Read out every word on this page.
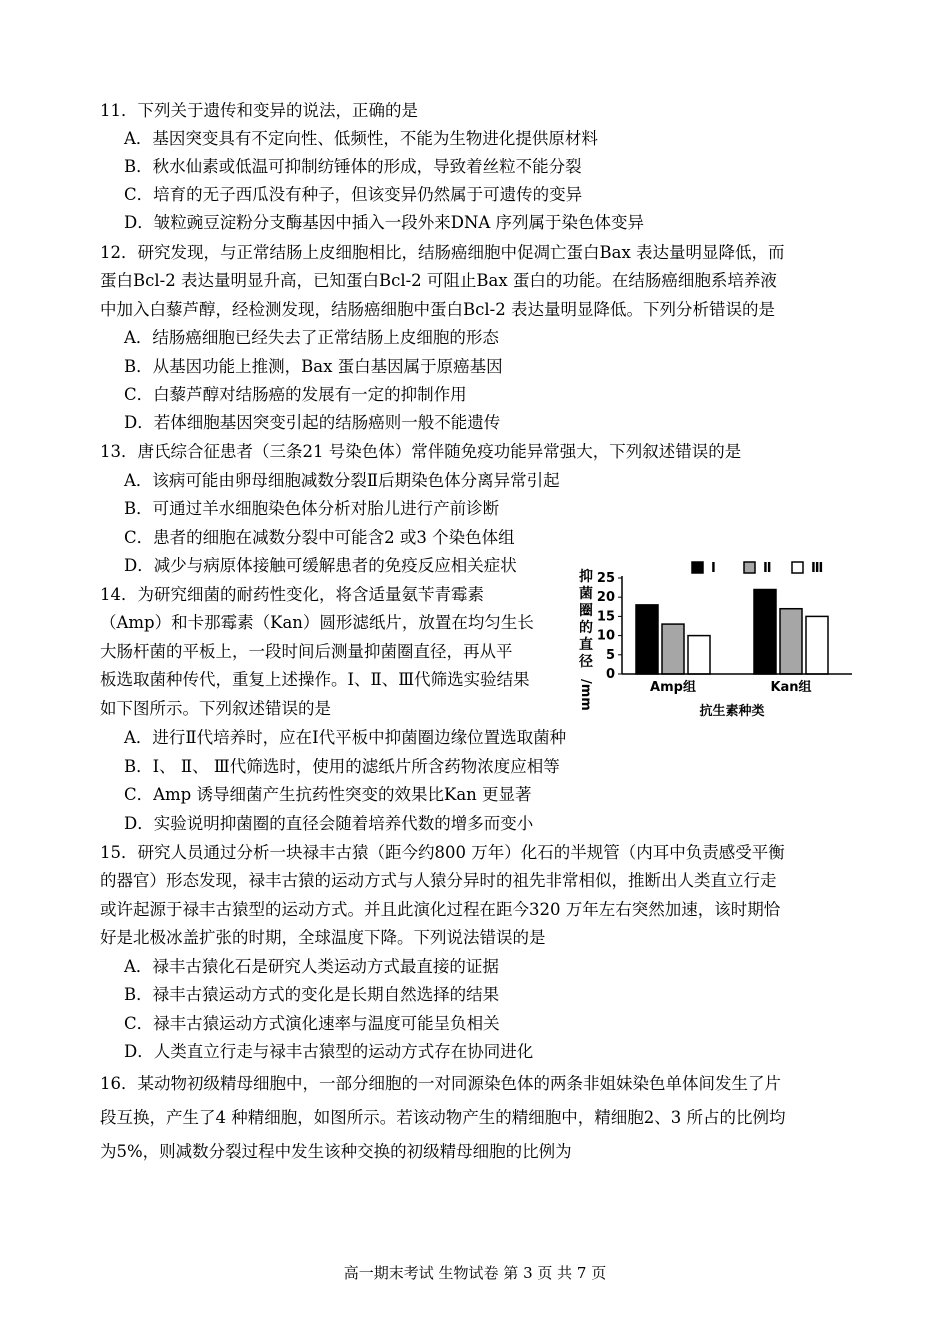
11．下列关于遗传和变异的说法，正确的是
A．基因突变具有不定向性、低频性，不能为生物进化提供原材料
B．秋水仙素或低温可抑制纺锤体的形成，导致着丝粒不能分裂
C．培育的无子西瓜没有种子，但该变异仍然属于可遗传的变异
D．皱粒豌豆淀粉分支酶基因中插入一段外来DNA 序列属于染色体变异
12．研究发现，与正常结肠上皮细胞相比，结肠癌细胞中促凋亡蛋白Bax 表达量明显降低，而
蛋白Bcl-2 表达量明显升高，已知蛋白Bcl-2 可阻止Bax 蛋白的功能。在结肠癌细胞系培养液
中加入白藜芦醇，经检测发现，结肠癌细胞中蛋白Bcl-2 表达量明显降低。下列分析错误的是
A．结肠癌细胞已经失去了正常结肠上皮细胞的形态
B．从基因功能上推测，Bax 蛋白基因属于原癌基因
C．白藜芦醇对结肠癌的发展有一定的抑制作用
D．若体细胞基因突变引起的结肠癌则一般不能遗传
13．唐氏综合征患者（三条21 号染色体）常伴随免疫功能异常强大，下列叙述错误的是
A．该病可能由卵母细胞减数分裂Ⅱ后期染色体分离异常引起
B．可通过羊水细胞染色体分析对胎儿进行产前诊断
C．患者的细胞在减数分裂中可能含2 或3 个染色体组
D．减少与病原体接触可缓解患者的免疫反应相关症状
14．为研究细菌的耐药性变化，将含适量氨苄青霉素
（Amp）和卡那霉素（Kan）圆形滤纸片，放置在均匀生长
大肠杆菌的平板上，一段时间后测量抑菌圈直径，再从平
板选取菌种传代，重复上述操作。Ⅰ、Ⅱ、Ⅲ代筛选实验结果
如下图所示。下列叙述错误的是
A．进行Ⅱ代培养时，应在Ⅰ代平板中抑菌圈边缘位置选取菌种
B．Ⅰ、 Ⅱ、 Ⅲ代筛选时，使用的滤纸片所含药物浓度应相等
C．Amp 诱导细菌产生抗药性突变的效果比Kan 更显著
D．实验说明抑菌圈的直径会随着培养代数的增多而变小
15．研究人员通过分析一块禄丰古猿（距今约800 万年）化石的半规管（内耳中负责感受平衡
的器官）形态发现，禄丰古猿的运动方式与人猿分异时的祖先非常相似，推断出人类直立行走
或许起源于禄丰古猿型的运动方式。并且此演化过程在距今320 万年左右突然加速，该时期恰
好是北极冰盖扩张的时期，全球温度下降。下列说法错误的是
A．禄丰古猿化石是研究人类运动方式最直接的证据
B．禄丰古猿运动方式的变化是长期自然选择的结果
C．禄丰古猿运动方式演化速率与温度可能呈负相关
D．人类直立行走与禄丰古猿型的运动方式存在协同进化
16．某动物初级精母细胞中，一部分细胞的一对同源染色体的两条非姐妹染色单体间发生了片
段互换，产生了4 种精细胞，如图所示。若该动物产生的精细胞中，精细胞2、3 所占的比例均
为5%，则减数分裂过程中发生该种交换的初级精母细胞的比例为
高一期末考试 生物试卷 第 3 页 共 7 页
抑
菌
圈
的
直
径
/mm
0
5
10
15
20
25
Ⅰ	Ⅱ	Ⅲ
Amp组	Kan组
抗生素种类
